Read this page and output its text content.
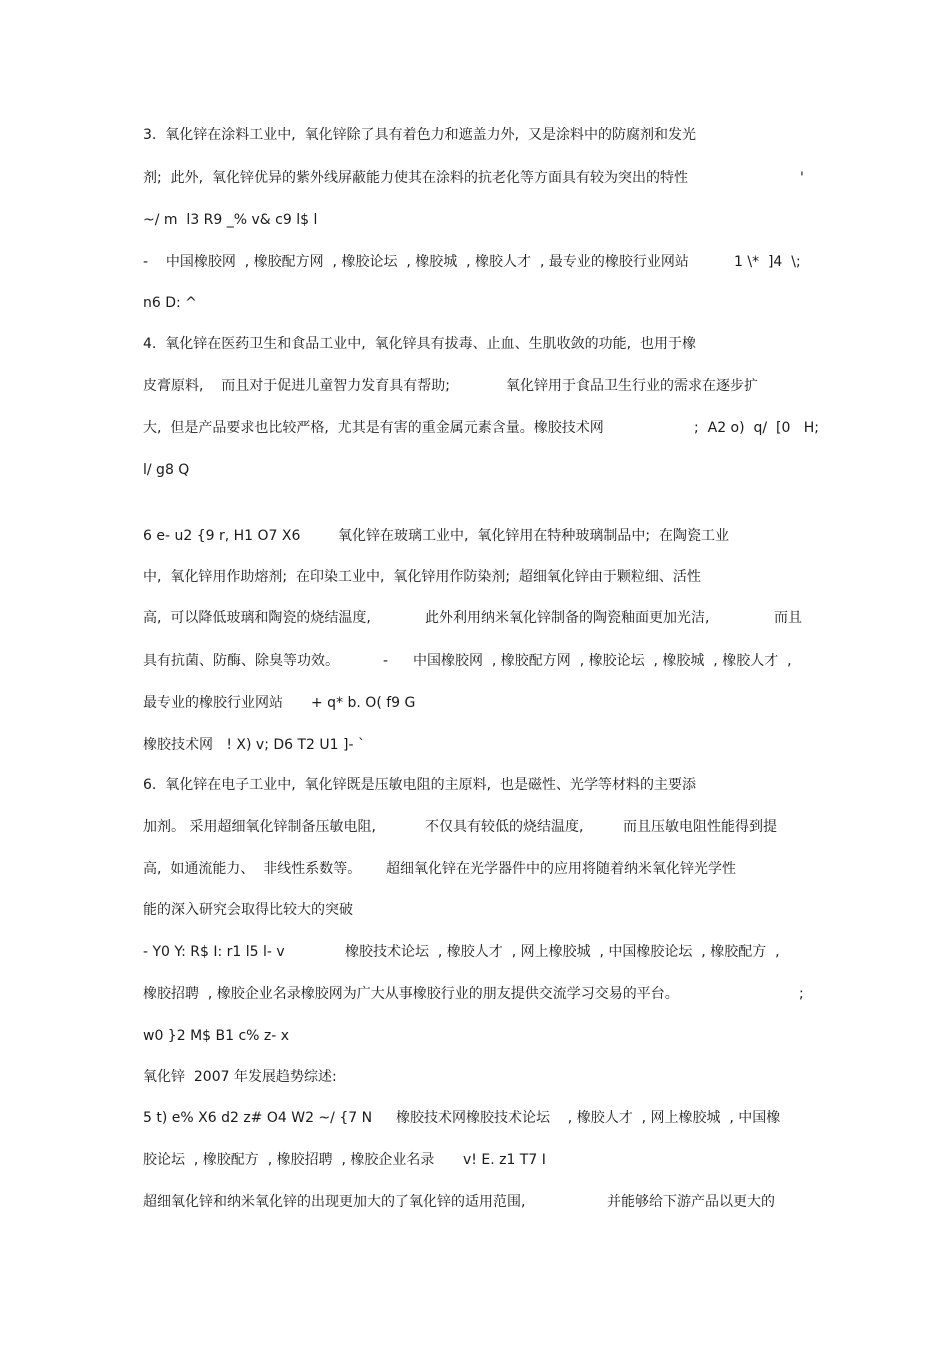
3.  氧化锌在涂料工业中,  氧化锌除了具有着色力和遮盖力外,  又是涂料中的防腐剂和发光
剂;  此外,  氧化锌优异的紫外线屏蔽能力使其在涂料的抗老化等方面具有较为突出的特性	'
~/ m  l3 R9 _% v& c9 l$ l
-    中国橡胶网  , 橡胶配方网  , 橡胶论坛  , 橡胶城  , 橡胶人才  , 最专业的橡胶行业网站	1 \*  ]4  \;
n6 D: ^
4.  氧化锌在医药卫生和食品工业中,  氧化锌具有拔毒、止血、生肌收敛的功能,  也用于橡
皮膏原料,    而且对于促进儿童智力发育具有帮助;	氧化锌用于食品卫生行业的需求在逐步扩
大,  但是产品要求也比较严格,  尤其是有害的重金属元素含量。橡胶技术网	;  A2 o)  q/  [0   H;
l/ g8 Q
6 e- u2 {9 r, H1 O7 X6	氧化锌在玻璃工业中,  氧化锌用在特种玻璃制品中;  在陶瓷工业
中,  氧化锌用作助熔剂;  在印染工业中,  氧化锌用作防染剂;  超细氧化锌由于颗粒细、活性
高,  可以降低玻璃和陶瓷的烧结温度,	此外利用纳米氧化锌制备的陶瓷釉面更加光洁,	而且
具有抗菌、防酶、除臭等功效。	- 中国橡胶网  , 橡胶配方网  , 橡胶论坛  , 橡胶城  , 橡胶人才  ,
最专业的橡胶行业网站 + q* b. O( f9 G
橡胶技术网   ! X) v; D6 T2 U1 ]- `
6.  氧化锌在电子工业中,  氧化锌既是压敏电阻的主原料,  也是磁性、光学等材料的主要添
加剂。 采用超细氧化锌制备压敏电阻,	不仅具有较低的烧结温度,	而且压敏电阻性能得到提
高,  如通流能力、  非线性系数等。 超细氧化锌在光学器件中的应用将随着纳米氧化锌光学性
能的深入研究会取得比较大的突破
- Y0 Y: R$ I: r1 l5 l- v	橡胶技术论坛  , 橡胶人才  , 网上橡胶城  , 中国橡胶论坛  , 橡胶配方  ,
橡胶招聘  , 橡胶企业名录橡胶网为广大从事橡胶行业的朋友提供交流学习交易的平台。	;
w0 }2 M$ B1 c% z- x
氧化锌  2007 年发展趋势综述:
5 t) e% X6 d2 z# O4 W2 ~/ {7 N 橡胶技术网橡胶技术论坛    , 橡胶人才  , 网上橡胶城  , 中国橡
胶论坛  , 橡胶配方  , 橡胶招聘  , 橡胶企业名录 v! E. z1 T7 I
超细氧化锌和纳米氧化锌的出现更加大的了氧化锌的适用范围,	并能够给下游产品以更大的
